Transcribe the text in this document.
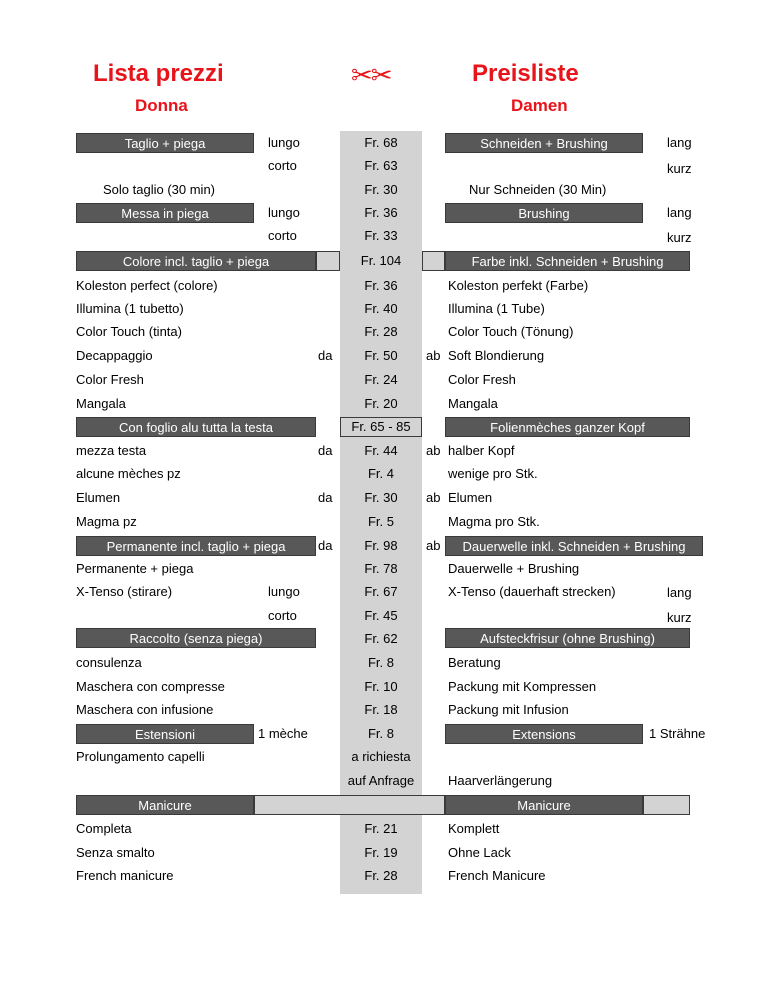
Lista prezzi	✂✂	Preisliste
Donna	Damen
Taglio + piega	lungo	Fr. 68	Schneiden + Brushing	lang
corto	Fr. 63	kurz
Solo taglio (30 min)	Fr. 30	Nur Schneiden (30 Min)
Messa in piega	lungo	Fr. 36	Brushing	lang
corto	Fr. 33	kurz
Colore incl. taglio + piega	Fr. 104	Farbe inkl. Schneiden + Brushing
Koleston perfect (colore)	Fr. 36	Koleston perfekt (Farbe)
Illumina (1 tubetto)	Fr. 40	Illumina (1 Tube)
Color Touch (tinta)	Fr. 28	Color Touch (Tönung)
Decappaggio	da	Fr. 50	ab Soft Blondierung
Color Fresh	Fr. 24	Color Fresh
Mangala	Fr. 20	Mangala
Con foglio alu tutta la testa	Fr. 65 - 85	Folienmèches ganzer Kopf
mezza testa	da	Fr. 44	ab halber Kopf
alcune mèches pz	Fr. 4	wenige pro Stk.
Elumen	da	Fr. 30	ab Elumen
Magma pz	Fr. 5	Magma pro Stk.
Permanente incl. taglio + piega	da	Fr. 98	ab	Dauerwelle inkl. Schneiden + Brushing
Permanente + piega	Fr. 78	Dauerwelle + Brushing
X-Tenso (stirare)	lungo	Fr. 67	X-Tenso (dauerhaft strecken)	lang
corto	Fr. 45	kurz
Raccolto (senza piega)	Fr. 62	Aufsteckfrisur (ohne Brushing)
consulenza	Fr. 8	Beratung
Maschera con compresse	Fr. 10	Packung mit Kompressen
Maschera con infusione	Fr. 18	Packung mit Infusion
Estensioni	1 mèche	Fr. 8	Extensions	1 Strähne
Prolungamento capelli	a richiesta
auf Anfrage	Haarverlängerung
Manicure	Manicure
Completa	Fr. 21	Komplett
Senza smalto	Fr. 19	Ohne Lack
French manicure	Fr. 28	French Manicure
